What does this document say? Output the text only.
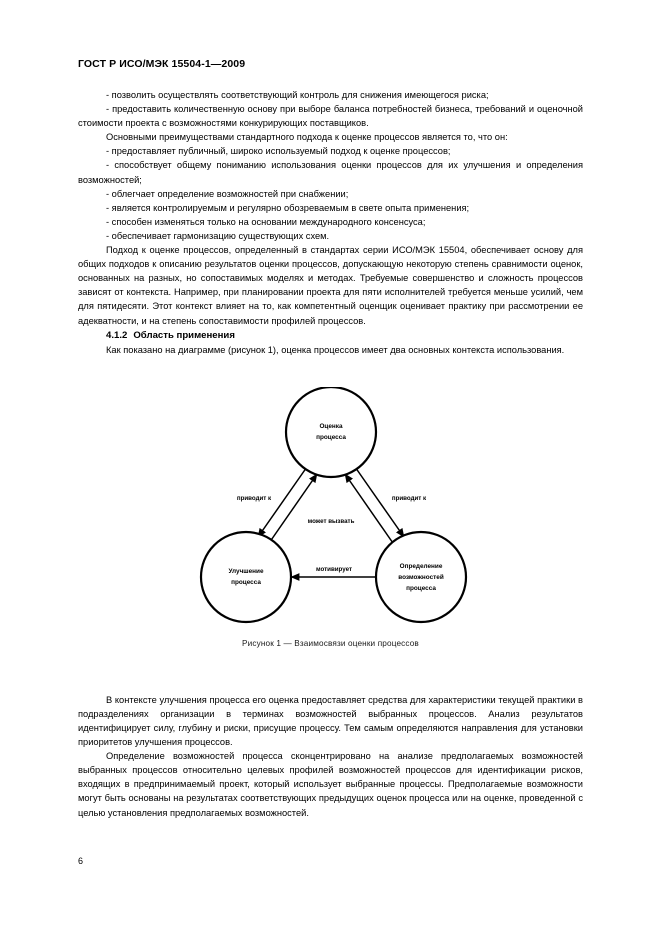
ГОСТ Р ИСО/МЭК 15504-1—2009

- позволить осуществлять соответствующий контроль для снижения имеющегося риска;

- предоставить количественную основу при выборе баланса потребностей бизнеса, требований и оценочной стоимости проекта с возможностями конкурирующих поставщиков.

Основными преимуществами стандартного подхода к оценке процессов является то, что он:

- предоставляет публичный, широко используемый подход к оценке процессов;

- способствует общему пониманию использования оценки процессов для их улучшения и определения возможностей;

- облегчает определение возможностей при снабжении;

- является контролируемым и регулярно обозреваемым в свете опыта применения;

- способен изменяться только на основании международного консенсуса;

- обеспечивает гармонизацию существующих схем.

Подход к оценке процессов, определенный в стандартах серии ИСО/МЭК 15504, обеспечивает основу для общих подходов к описанию результатов оценки процессов, допускающую некоторую степень сравнимости оценок, основанных на разных, но сопоставимых моделях и методах. Требуемые совершенство и сложность процессов зависят от контекста. Например, при планировании проекта для пяти исполнителей требуется меньше усилий, чем для пятидесяти. Этот контекст влияет на то, как компетентный оценщик оценивает практику при рассмотрении ее адекватности, и на степень сопоставимости профилей процессов.

4.1.2 Область применения

Как показано на диаграмме (рисунок 1), оценка процессов имеет два основных контекста использования.

Оценка
процесса
Улучшение
процесса
Определение
возможностей
процесса
приводит к	приводит к
может вызвать
мотивирует
Рисунок 1 — Взаимосвязи оценки процессов

В контексте улучшения процесса его оценка предоставляет средства для характеристики текущей практики в подразделениях организации в терминах возможностей выбранных процессов. Анализ результатов идентифицирует силу, глубину и риски, присущие процессу. Тем самым определяются направления для установки приоритетов улучшения процессов.

Определение возможностей процесса сконцентрировано на анализе предполагаемых возможностей выбранных процессов относительно целевых профилей возможностей процессов для идентификации рисков, входящих в предпринимаемый проект, который использует выбранные процессы. Предполагаемые возможности могут быть основаны на результатах соответствующих предыдущих оценок процесса или на оценке, проведенной с целью установления предполагаемых возможностей.

6
